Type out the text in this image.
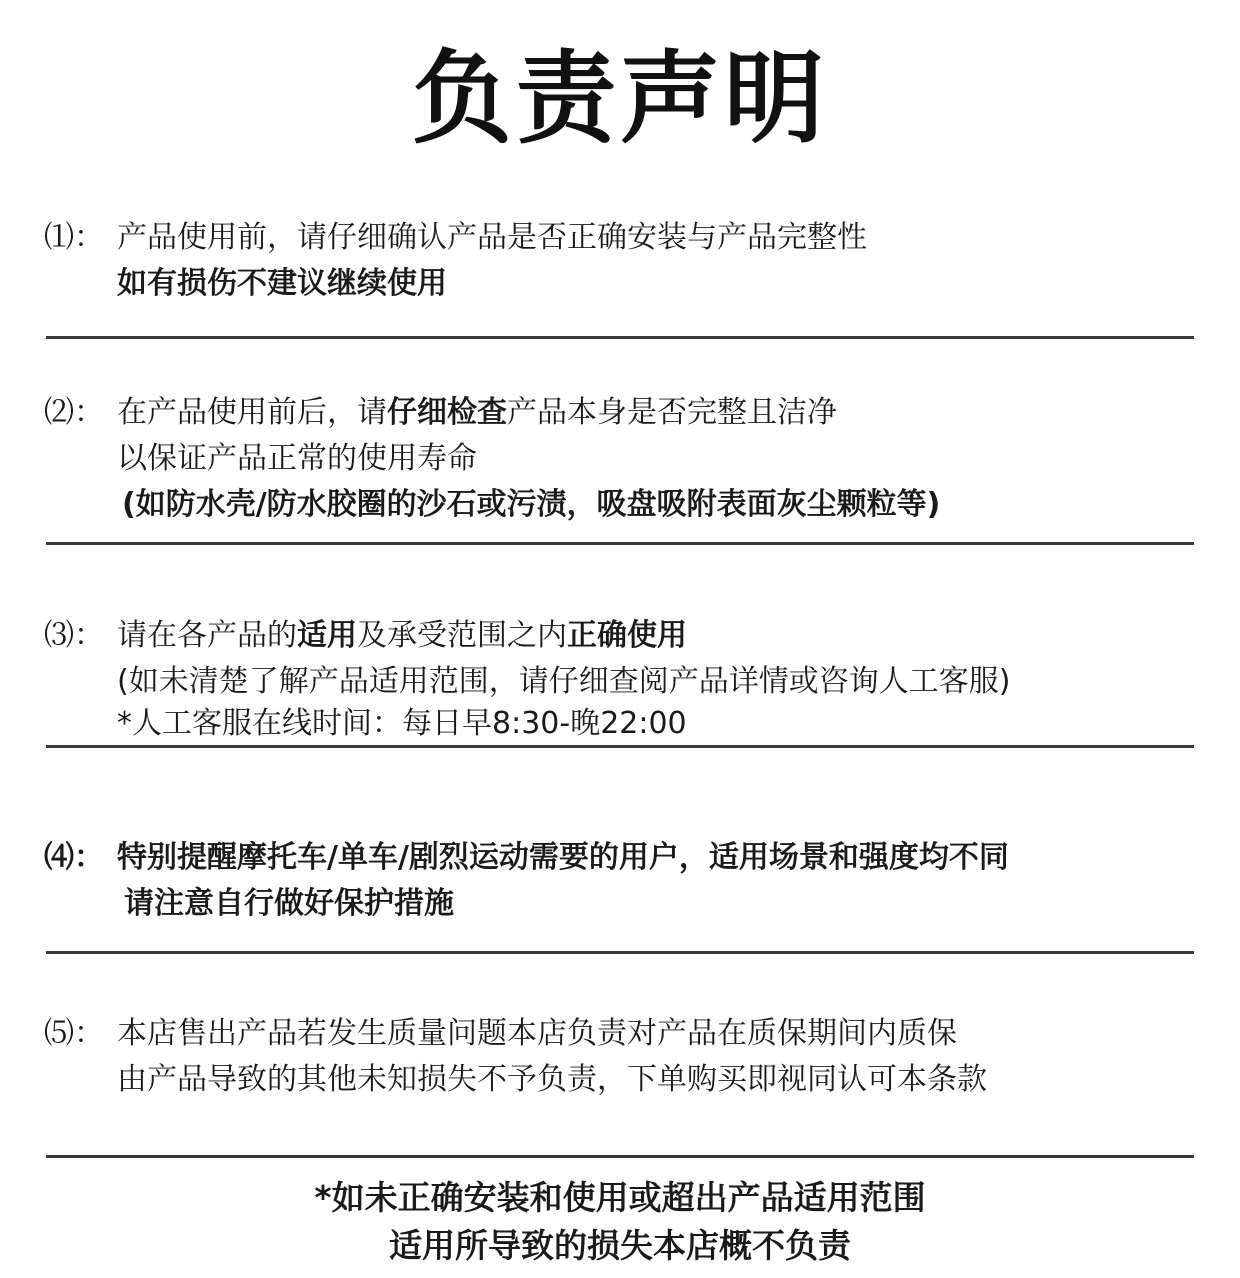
负责声明
⑴： 产品使用前，请仔细确认产品是否正确安装与产品完整性
如有损伤不建议继续使用
⑵： 在产品使用前后，请仔细检查产品本身是否完整且洁净
以保证产品正常的使用寿命
(如防水壳/防水胶圈的沙石或污渍，吸盘吸附表面灰尘颗粒等)
⑶： 请在各产品的适用及承受范围之内正确使用
(如未清楚了解产品适用范围，请仔细查阅产品详情或咨询人工客服)
*人工客服在线时间：每日早8:30-晚22:00
⑷： 特别提醒摩托车/单车/剧烈运动需要的用户，适用场景和强度均不同
请注意自行做好保护措施
⑸： 本店售出产品若发生质量问题本店负责对产品在质保期间内质保
由产品导致的其他未知损失不予负责，下单购买即视同认可本条款
*如未正确安装和使用或超出产品适用范围
适用所导致的损失本店概不负责
